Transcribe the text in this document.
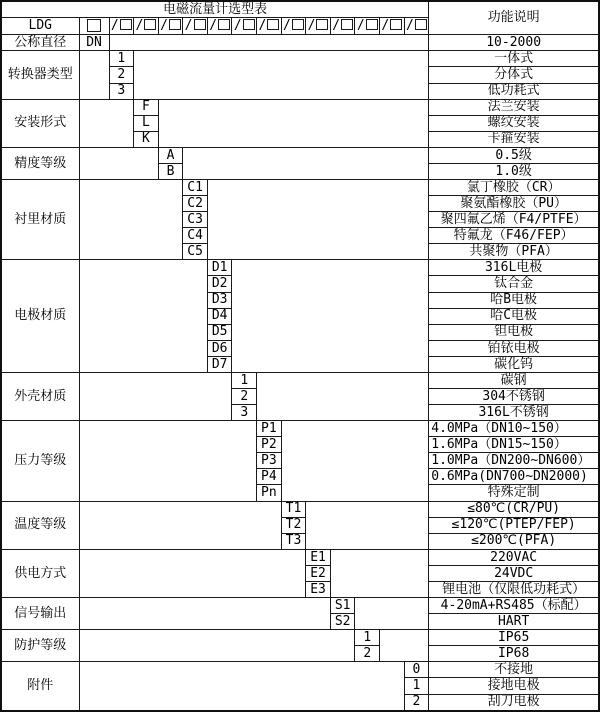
电磁流量计选型表															功能说明
LDG		/	/	/	/	/	/	/	/	/	/	/	/	/	
公称直径	DN														10-2000
转换器类型		1													一体式
		2													分体式
		3													低功耗式
安装形式			F												法兰安装
			L												螺纹安装
			K												卡箍安装
精度等级				A											0.5级
				B											1.0级
衬里材质					C1										氯丁橡胶（CR）
					C2										聚氨酯橡胶（PU）
					C3										聚四氟乙烯（F4/PTFE）
					C4										特氟龙（F46/FEP）
					C5										共聚物（PFA）
电极材质						D1									316L电极
						D2									钛合金
						D3									哈B电极
						D4									哈C电极
						D5									钽电极
						D6									铂铱电极
						D7									碳化钨
外壳材质							1								碳钢
							2								304不锈钢
							3								316L不锈钢
压力等级								P1							4.0MPa（DN10~150）
								P2							1.6MPa（DN15~150）
								P3							1.0MPa（DN200~DN600）
								P4							0.6MPa(DN700~DN2000)
								Pn							特殊定制
温度等级									T1						≤80℃(CR/PU)
									T2						≤120℃(PTEP/FEP)
									T3						≤200℃(PFA)
供电方式										E1					220VAC
										E2					24VDC
										E3					锂电池（仅限低功耗式）
信号输出											S1				4-20mA+RS485（标配）
											S2				HART
防护等级												1			IP65
												2			IP68
附件														0	不接地
														1	接地电极
														2	刮刀电极
